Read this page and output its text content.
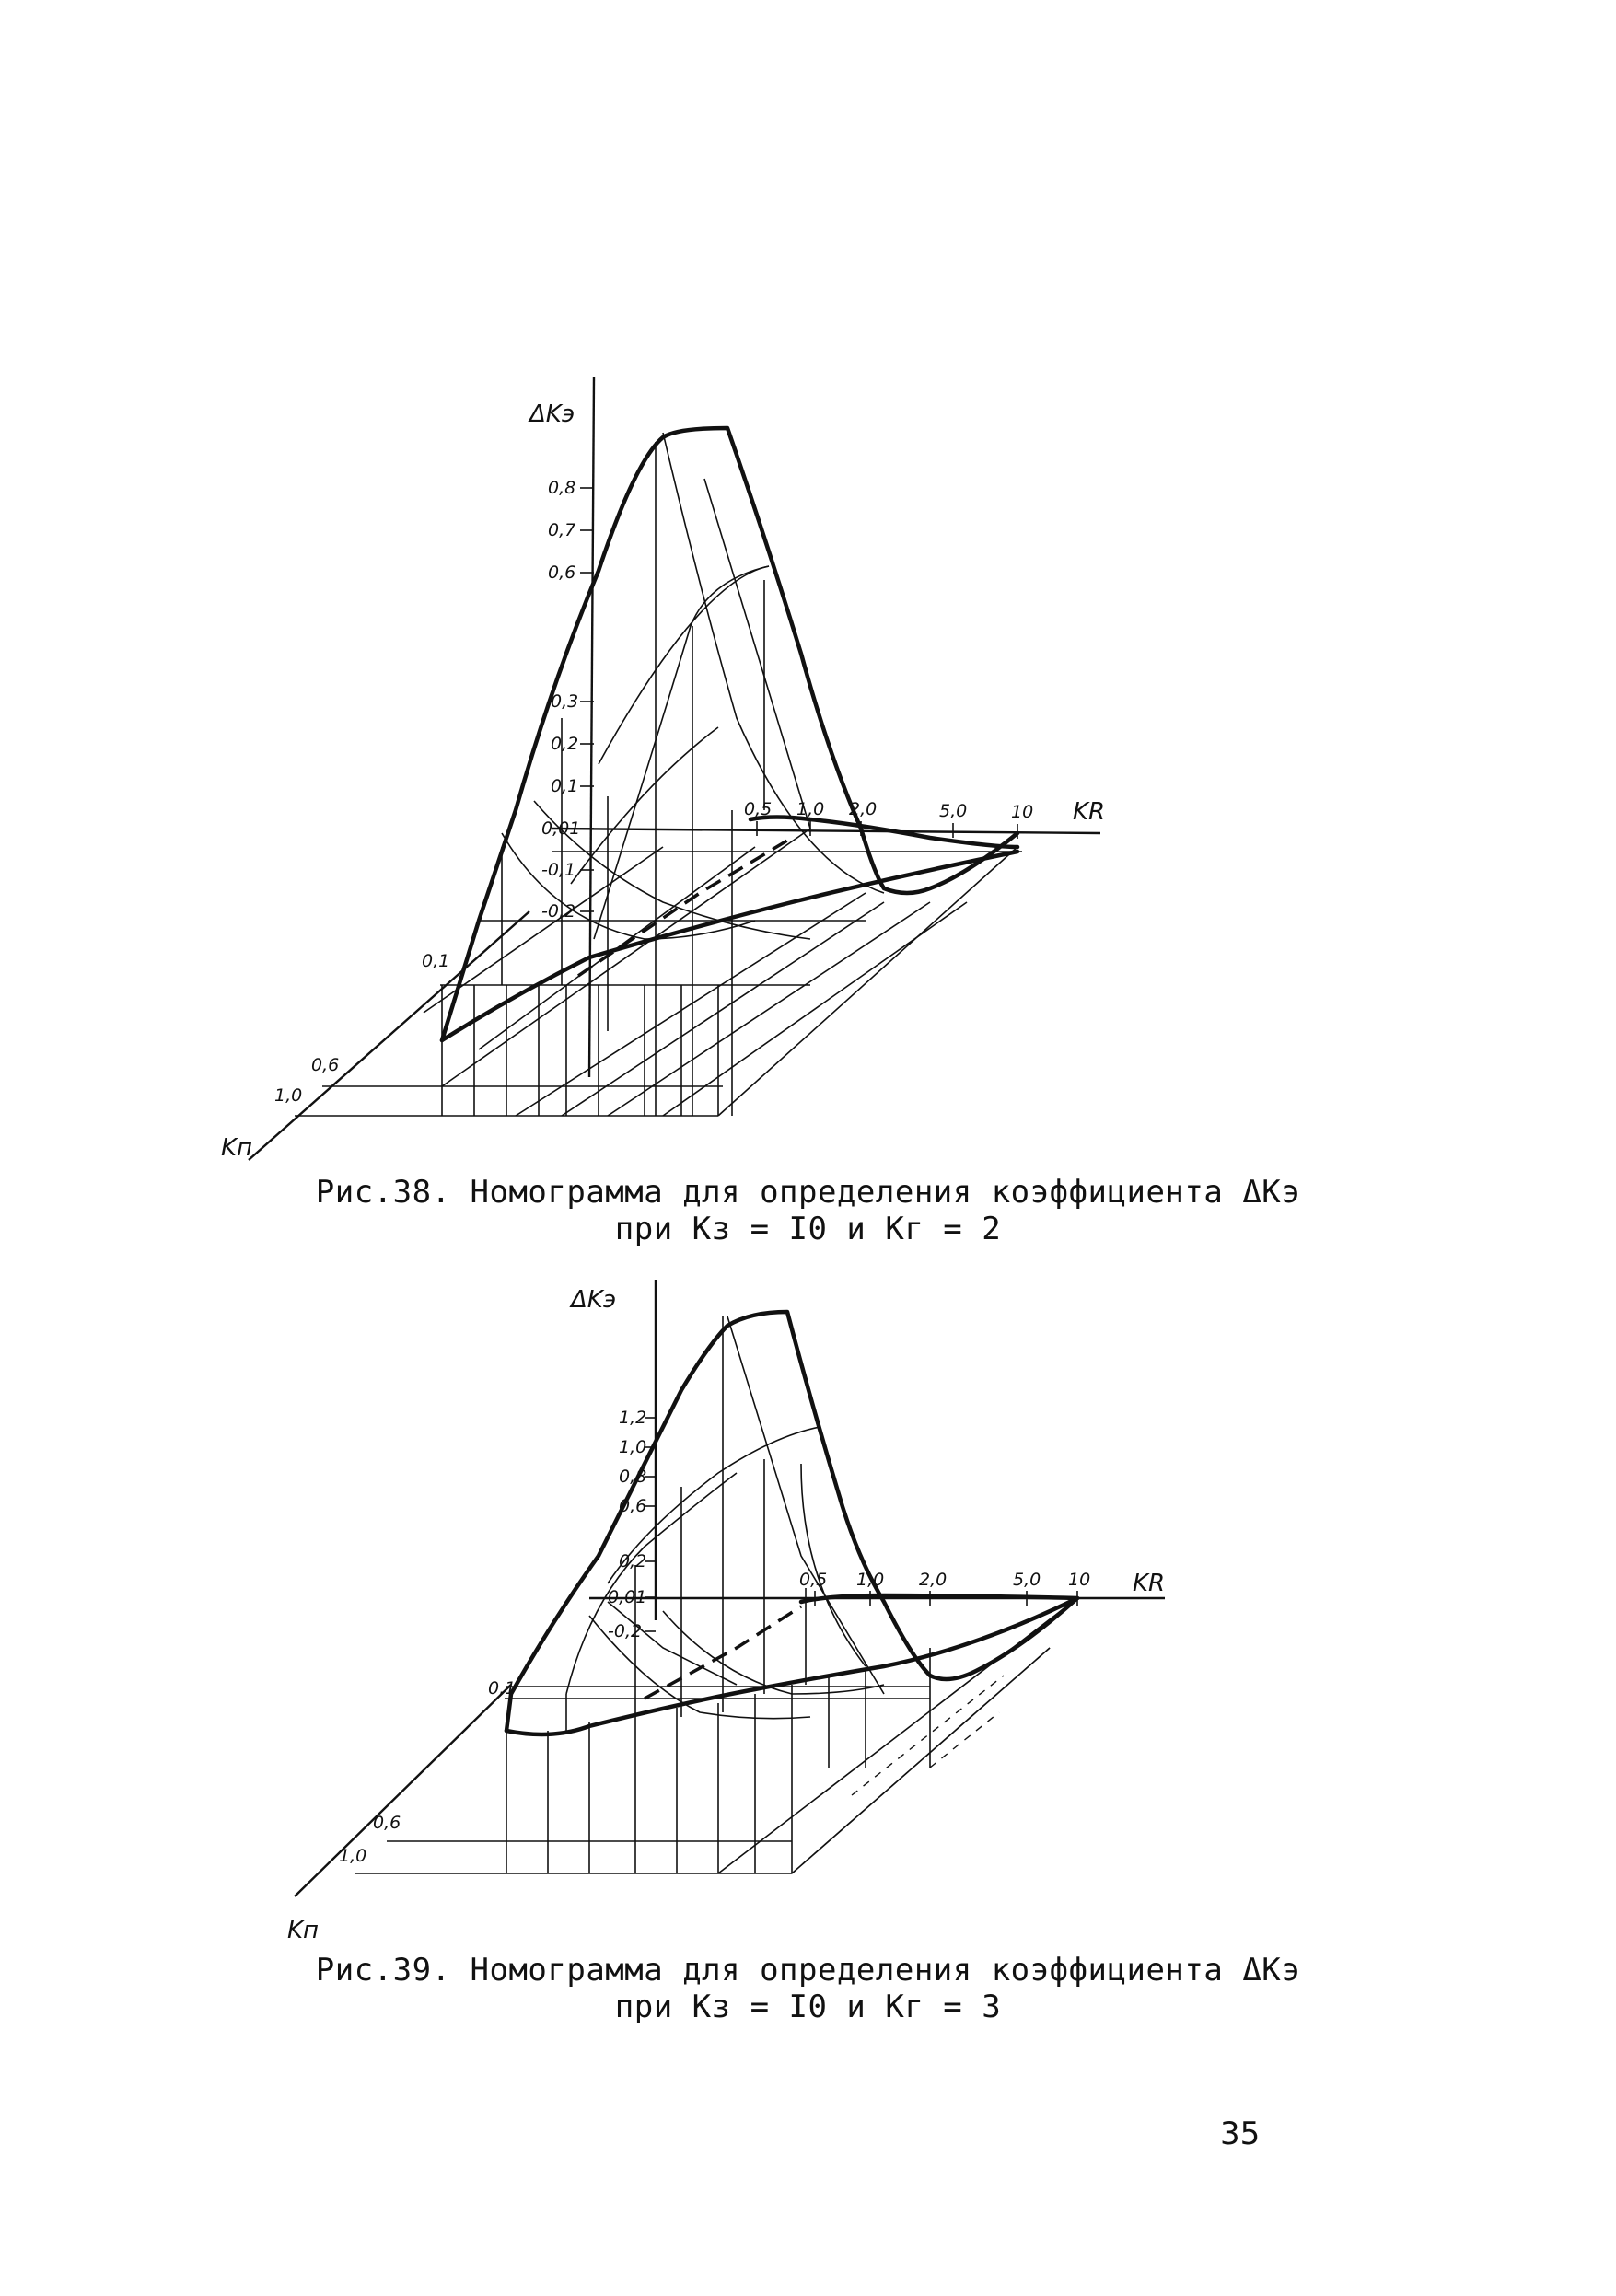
ΔKэ
KR
Kп
0,8
0,7
0,6
0,3
0,2
0,1
0,01
-0,1
-0,2
0,5 1,0 2,0	5,0	10
0,1
0,6
1,0
Рис.38. Номограмма для определения коэффициента ΔKэ
при Kз = I0 и Kг = 2
ΔKэ
KR
Kп
1,2
1,0
0,8
0,6
0,2
0,01
-0,2
0,5 1,0 2,0	5,0 10
0,1
0,6
1,0
Рис.39. Номограмма для определения коэффициента ΔKэ
при Kз = I0 и Kг = 3
35
